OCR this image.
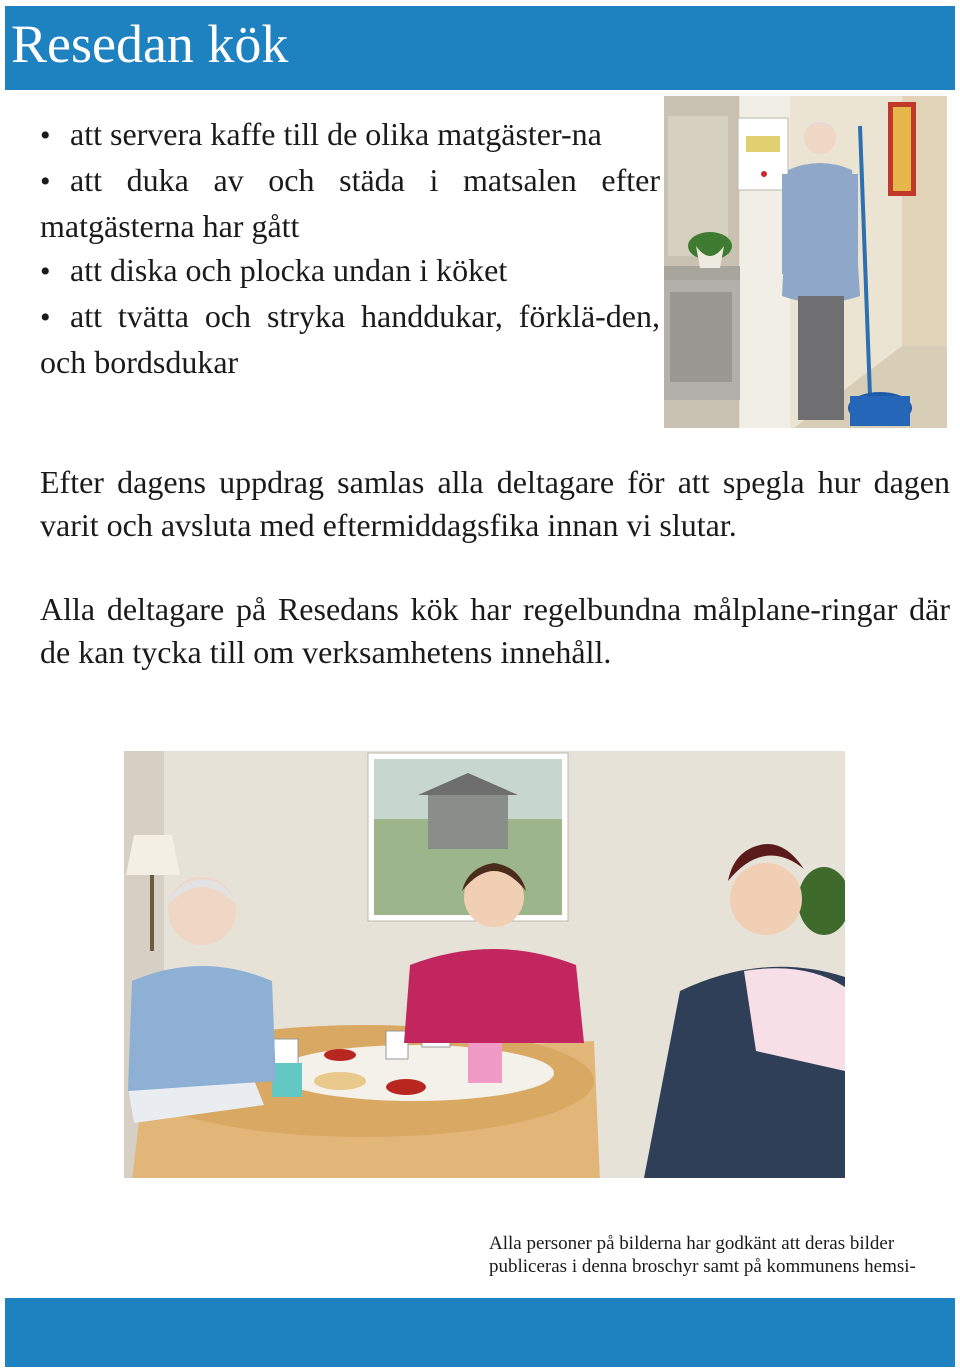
Resedan kök
• att servera kaffe till de olika matgäster-na
• att duka av och städa i matsalen efter matgästerna har gått
• att diska och plocka undan i köket
• att tvätta och stryka handdukar, förklä-den, och bordsdukar

Efter dagens uppdrag samlas alla deltagare för att spegla hur dagen varit och avsluta med eftermiddagsfika innan vi slutar.

Alla deltagare på Resedans kök har regelbundna målplane-ringar där de kan tycka till om verksamhetens innehåll.

Alla personer på bilderna har godkänt att deras bilder
publiceras i denna broschyr samt på kommunens hemsi-
